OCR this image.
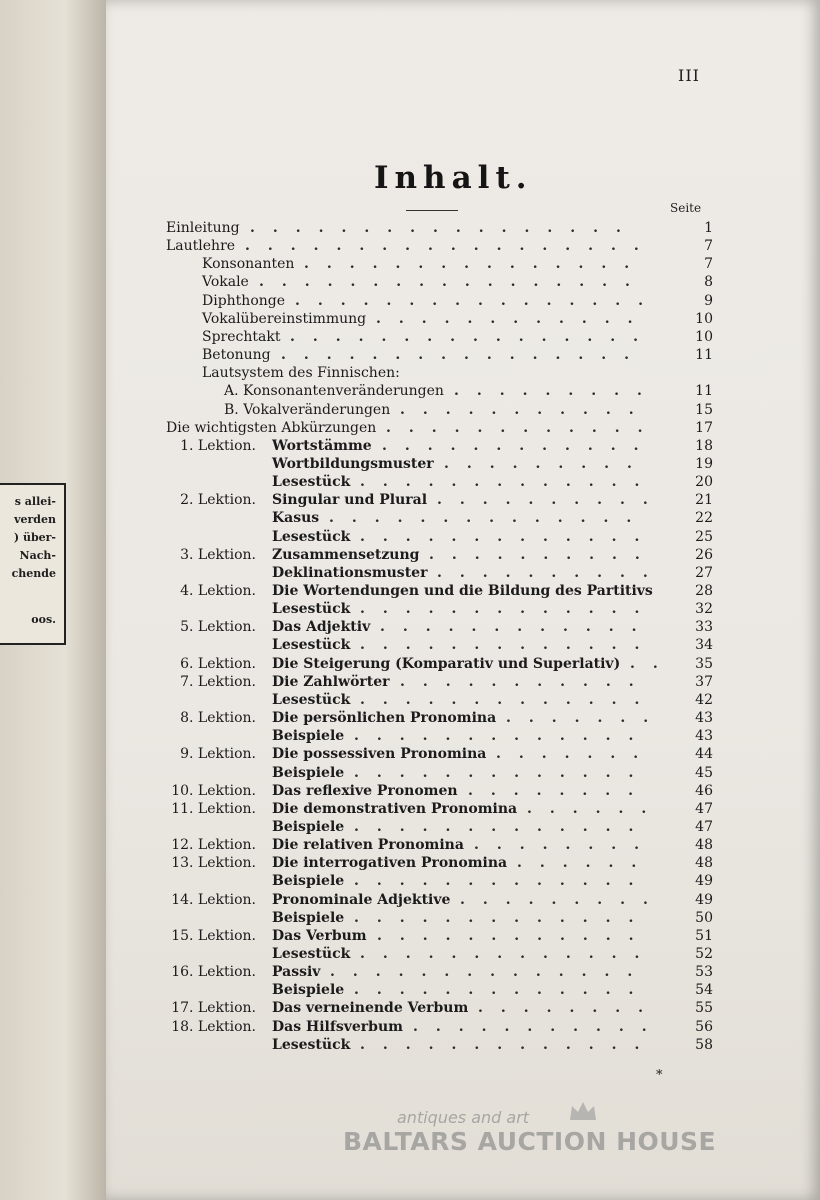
s allei-
verden
) über-
Nach-
chende
oos.
III
Inhalt.
Seite
Einleitung .................	1
Lautlehre ..................	7
Konsonanten ...............	7
Vokale .................	8
Diphthonge ................	9
Vokalübereinstimmung ............	10
Sprechtakt ................	10
Betonung ................	11
Lautsystem des Finnischen:
A. Konsonantenveränderungen .........	11
B. Vokalveränderungen ...........	15
Die wichtigsten Abkürzungen ............	17
1. Lektion. Wortstämme ............	18
Wortbildungsmuster .........	19
Lesestück .............	20
2. Lektion. Singular und Plural ..........	21
Kasus ..............	22
Lesestück .............	25
3. Lektion. Zusammensetzung ..........	26
Deklinationsmuster ..........	27
4. Lektion. Die Wortendungen und die Bildung des Partitivs	28
Lesestück .............	32
5. Lektion. Das Adjektiv ............	33
Lesestück .............	34
6. Lektion. Die Steigerung (Komparativ und Superlativ) ..	35
7. Lektion. Die Zahlwörter ...........	37
Lesestück .............	42
8. Lektion. Die persönlichen Pronomina .......	43
Beispiele .............	43
9. Lektion. Die possessiven Pronomina .......	44
Beispiele .............	45
10. Lektion. Das reflexive Pronomen ........	46
11. Lektion. Die demonstrativen Pronomina ......	47
Beispiele .............	47
12. Lektion. Die relativen Pronomina ........	48
13. Lektion. Die interrogativen Pronomina ......	48
Beispiele .............	49
14. Lektion. Pronominale Adjektive .........	49
Beispiele .............	50
15. Lektion. Das Verbum ............	51
Lesestück .............	52
16. Lektion. Passiv ..............	53
Beispiele .............	54
17. Lektion. Das verneinende Verbum ........	55
18. Lektion. Das Hilfsverbum ...........	56
Lesestück .............	58
*
antiques and art
BALTARS AUCTION HOUSE
